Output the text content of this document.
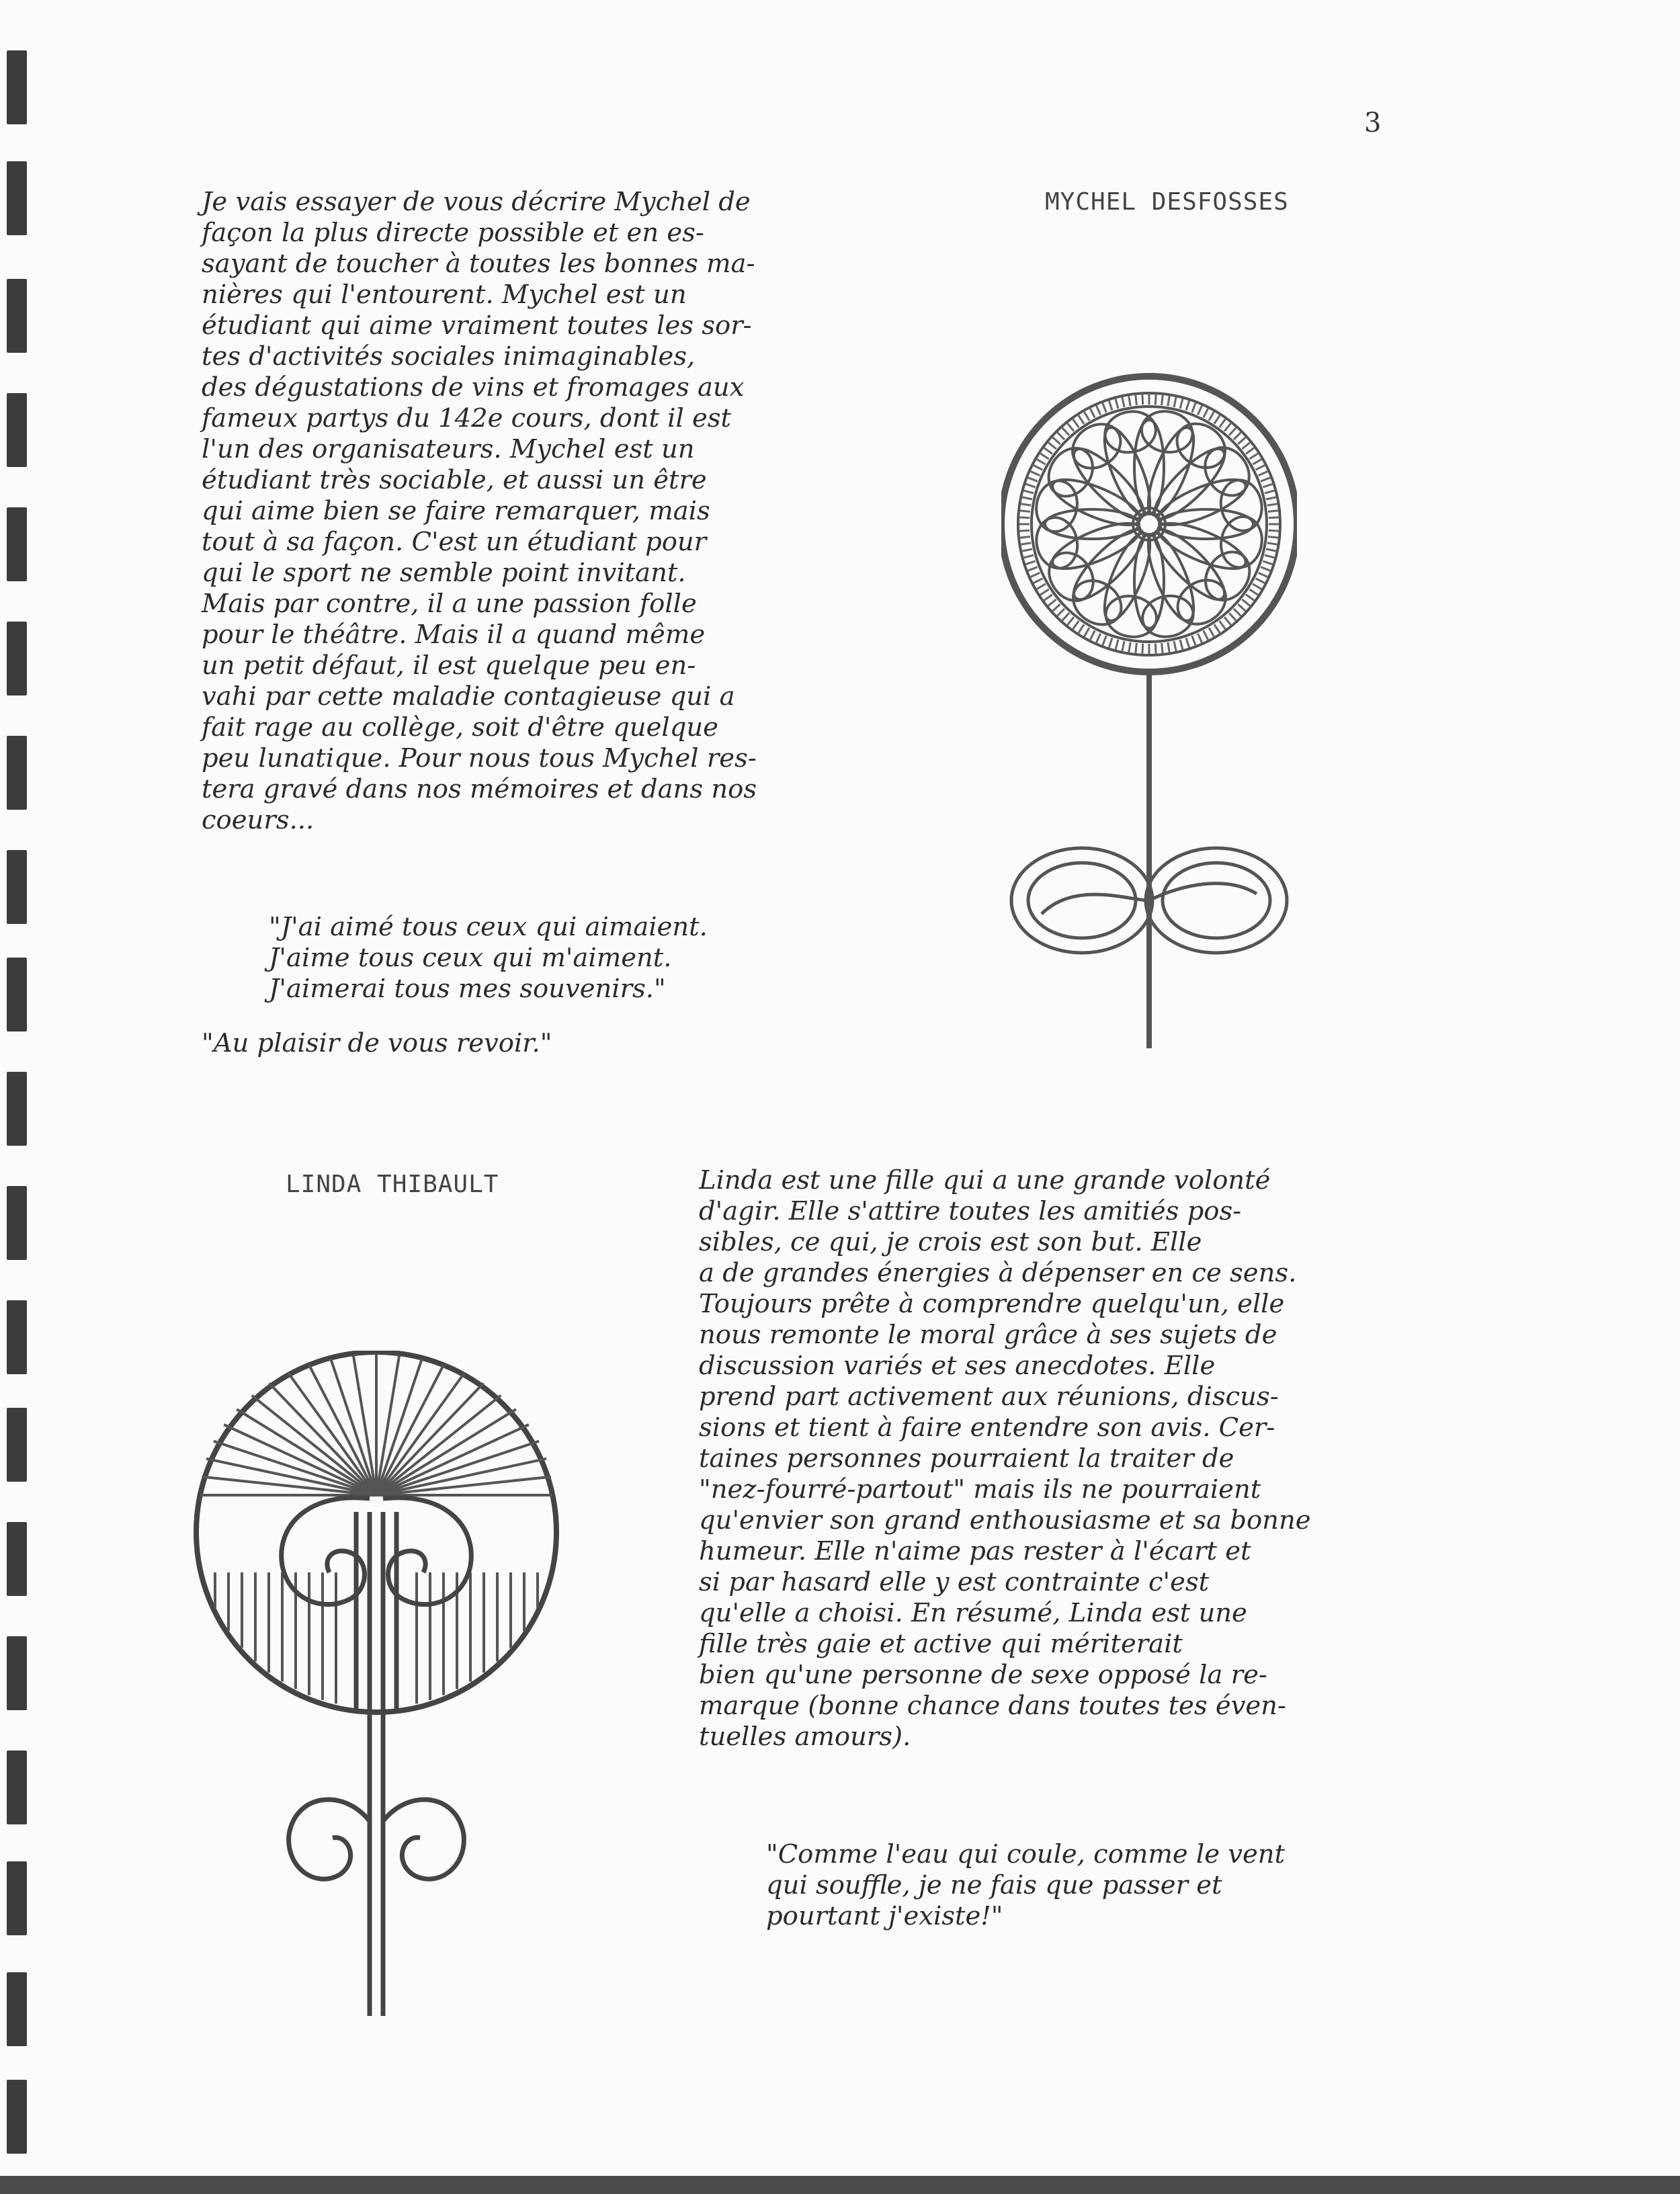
3
MYCHEL DESFOSSES
Je vais essayer de vous décrire Mychel de
façon la plus directe possible et en es-
sayant de toucher à toutes les bonnes ma-
nières qui l'entourent. Mychel est un
étudiant qui aime vraiment toutes les sor-
tes d'activités sociales inimaginables,
des dégustations de vins et fromages aux
fameux partys du 142e cours, dont il est
l'un des organisateurs. Mychel est un
étudiant très sociable, et aussi un être
qui aime bien se faire remarquer, mais
tout à sa façon. C'est un étudiant pour
qui le sport ne semble point invitant.
Mais par contre, il a une passion folle
pour le théâtre. Mais il a quand même
un petit défaut, il est quelque peu en-
vahi par cette maladie contagieuse qui a
fait rage au collège, soit d'être quelque
peu lunatique. Pour nous tous Mychel res-
tera gravé dans nos mémoires et dans nos
coeurs...
"J'ai aimé tous ceux qui aimaient.
J'aime tous ceux qui m'aiment.
J'aimerai tous mes souvenirs."
"Au plaisir de vous revoir."
LINDA THIBAULT	Linda est une fille qui a une grande volonté
d'agir. Elle s'attire toutes les amitiés pos-
sibles, ce qui, je crois est son but. Elle
a de grandes énergies à dépenser en ce sens.
Toujours prête à comprendre quelqu'un, elle
nous remonte le moral grâce à ses sujets de
discussion variés et ses anecdotes. Elle
prend part activement aux réunions, discus-
sions et tient à faire entendre son avis. Cer-
taines personnes pourraient la traiter de
"nez-fourré-partout" mais ils ne pourraient
qu'envier son grand enthousiasme et sa bonne
humeur. Elle n'aime pas rester à l'écart et
si par hasard elle y est contrainte c'est
qu'elle a choisi. En résumé, Linda est une
fille très gaie et active qui mériterait
bien qu'une personne de sexe opposé la re-
marque (bonne chance dans toutes tes éven-
tuelles amours).
"Comme l'eau qui coule, comme le vent
qui souffle, je ne fais que passer et
pourtant j'existe!"
